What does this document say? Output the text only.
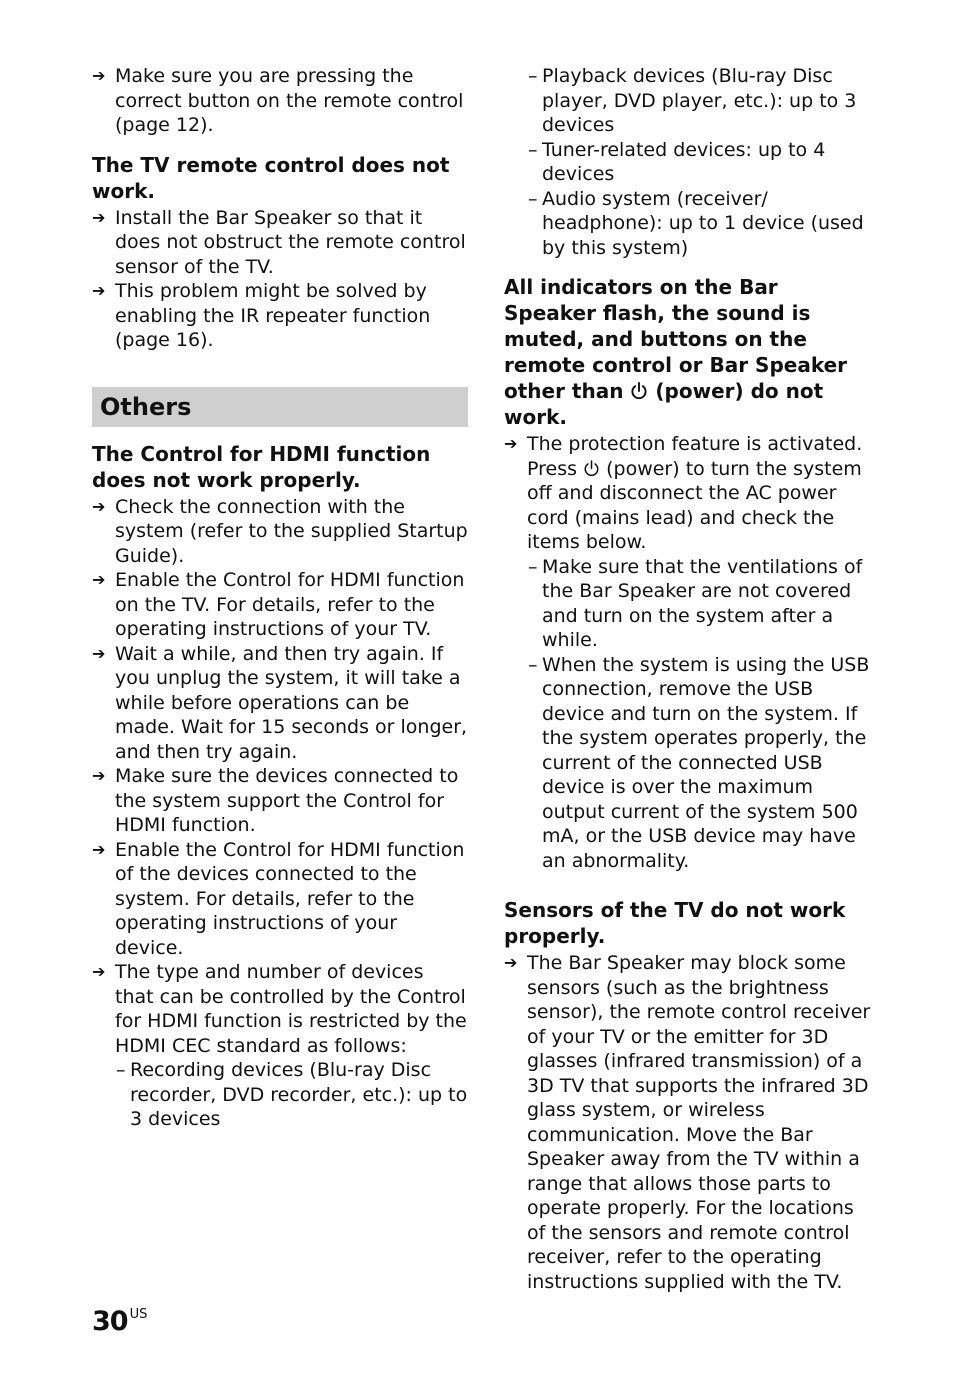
➔ Make sure you are pressing the correct button on the remote control (page 12).
The TV remote control does not work.
➔ Install the Bar Speaker so that it does not obstruct the remote control sensor of the TV.
➔ This problem might be solved by enabling the IR repeater function (page 16).
Others
The Control for HDMI function does not work properly.
➔ Check the connection with the system (refer to the supplied Startup Guide).
➔ Enable the Control for HDMI function on the TV. For details, refer to the operating instructions of your TV.
➔ Wait a while, and then try again. If you unplug the system, it will take a while before operations can be made. Wait for 15 seconds or longer, and then try again.
➔ Make sure the devices connected to the system support the Control for HDMI function.
➔ Enable the Control for HDMI function of the devices connected to the system. For details, refer to the operating instructions of your device.
➔ The type and number of devices that can be controlled by the Control for HDMI function is restricted by the HDMI CEC standard as follows:
– Recording devices (Blu-ray Disc recorder, DVD recorder, etc.): up to 3 devices
– Playback devices (Blu-ray Disc player, DVD player, etc.): up to 3 devices
– Tuner-related devices: up to 4 devices
– Audio system (receiver/ headphone): up to 1 device (used by this system)
All indicators on the Bar Speaker flash, the sound is muted, and buttons on the remote control or Bar Speaker other than (power) do not work.
➔ The protection feature is activated. Press (power) to turn the system off and disconnect the AC power cord (mains lead) and check the items below.
– Make sure that the ventilations of the Bar Speaker are not covered and turn on the system after a while.
– When the system is using the USB connection, remove the USB device and turn on the system. If the system operates properly, the current of the connected USB device is over the maximum output current of the system 500 mA, or the USB device may have an abnormality.
Sensors of the TV do not work properly.
➔ The Bar Speaker may block some sensors (such as the brightness sensor), the remote control receiver of your TV or the emitter for 3D glasses (infrared transmission) of a 3D TV that supports the infrared 3D glass system, or wireless communication. Move the Bar Speaker away from the TV within a range that allows those parts to operate properly. For the locations of the sensors and remote control receiver, refer to the operating instructions supplied with the TV.
30 $^{US}$
